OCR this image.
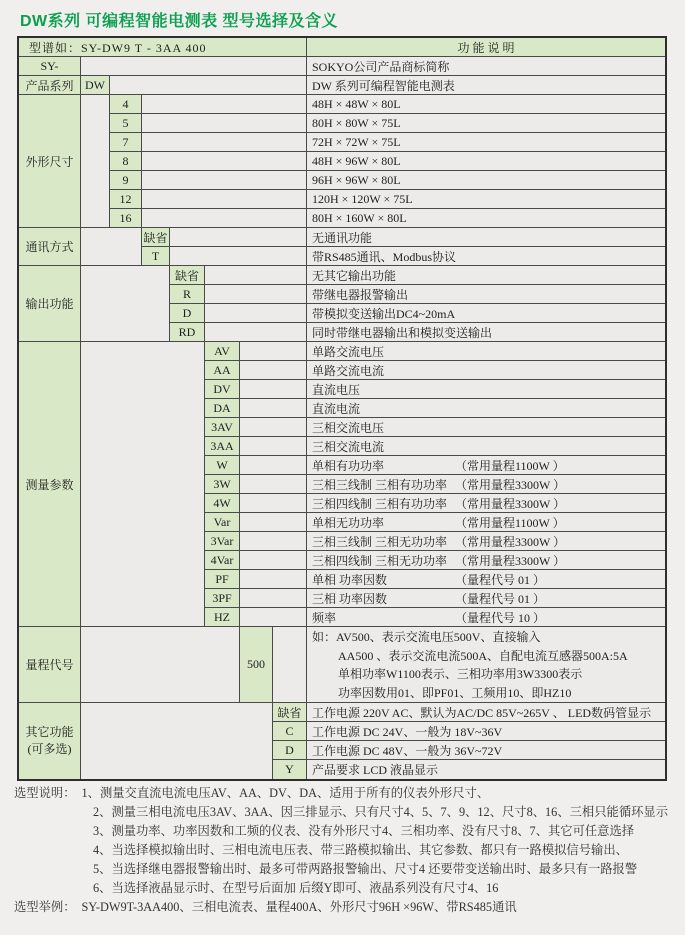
DW系列 可编程智能电测表 型号选择及含义
型谱如：SY-DW9 T - 3AA 400	功 能 说 明
SY-	SOKYO公司产品商标简称
产品系列 DW	DW 系列可编程智能电测表
外形尺寸
4	48H × 48W × 80L
5	80H × 80W × 75L
7	72H × 72W × 75L
8	48H × 96W × 80L
9	96H × 96W × 80L
12	120H × 120W × 75L
16	80H × 160W × 80L
通讯方式
缺省	无通讯功能
T	带RS485通讯、Modbus协议
输出功能
缺省	无其它输出功能
R	带继电器报警输出
D	带模拟变送输出DC4~20mA
RD	同时带继电器输出和模拟变送输出
测量参数
AV	单路交流电压
AA	单路交流电流
DV	直流电压
DA	直流电流
3AV	三相交流电压
3AA	三相交流电流
W	单相有功功率	（常用量程1100W ）
3W	三相三线制 三相有功功率 （常用量程3300W ）
4W	三相四线制 三相有功功率 （常用量程3300W ）
Var	单相无功功率	（常用量程1100W ）
3Var	三相三线制 三相无功功率 （常用量程3300W ）
4Var	三相四线制 三相无功功率 （常用量程3300W ）
PF	单相 功率因数	（量程代号 01 ）
3PF	三相 功率因数	（量程代号 01 ）
HZ	频率	（量程代号 10 ）
量程代号	500
如：AV500、表示交流电压500V、直接输入
AA500 、表示交流电流500A、自配电流互感器500A:5A
单相功率W1100表示、三相功率用3W3300表示
功率因数用01、即PF01、工频用10、即HZ10
其它功能
(可多选)
缺省 工作电源 220V AC、默认为AC/DC 85V~265V 、 LED数码管显示
C	工作电源 DC 24V、一般为 18V~36V
D	工作电源 DC 48V、一般为 36V~72V
Y	产品要求 LCD 液晶显示
选型说明： 1、测量交直流电流电压AV、AA、DV、DA、适用于所有的仪表外形尺寸、
2、测量三相电流电压3AV、3AA、因三排显示、只有尺寸4、5、7、9、12、尺寸8、16、三相只能循环显示
3、测量功率、功率因数和工频的仪表、没有外形尺寸4、三相功率、没有尺寸8、7、其它可任意选择
4、当选择模拟输出时、三相电流电压表、带三路模拟输出、其它参数、都只有一路模拟信号输出、
5、当选择继电器报警输出时、最多可带两路报警输出、尺寸4 还要带变送输出时、最多只有一路报警
6、当选择液晶显示时、在型号后面加 后缀Y即可、液晶系列没有尺寸4、16
选型举例： SY-DW9T-3AA400、三相电流表、量程400A、外形尺寸96H ×96W、带RS485通讯
